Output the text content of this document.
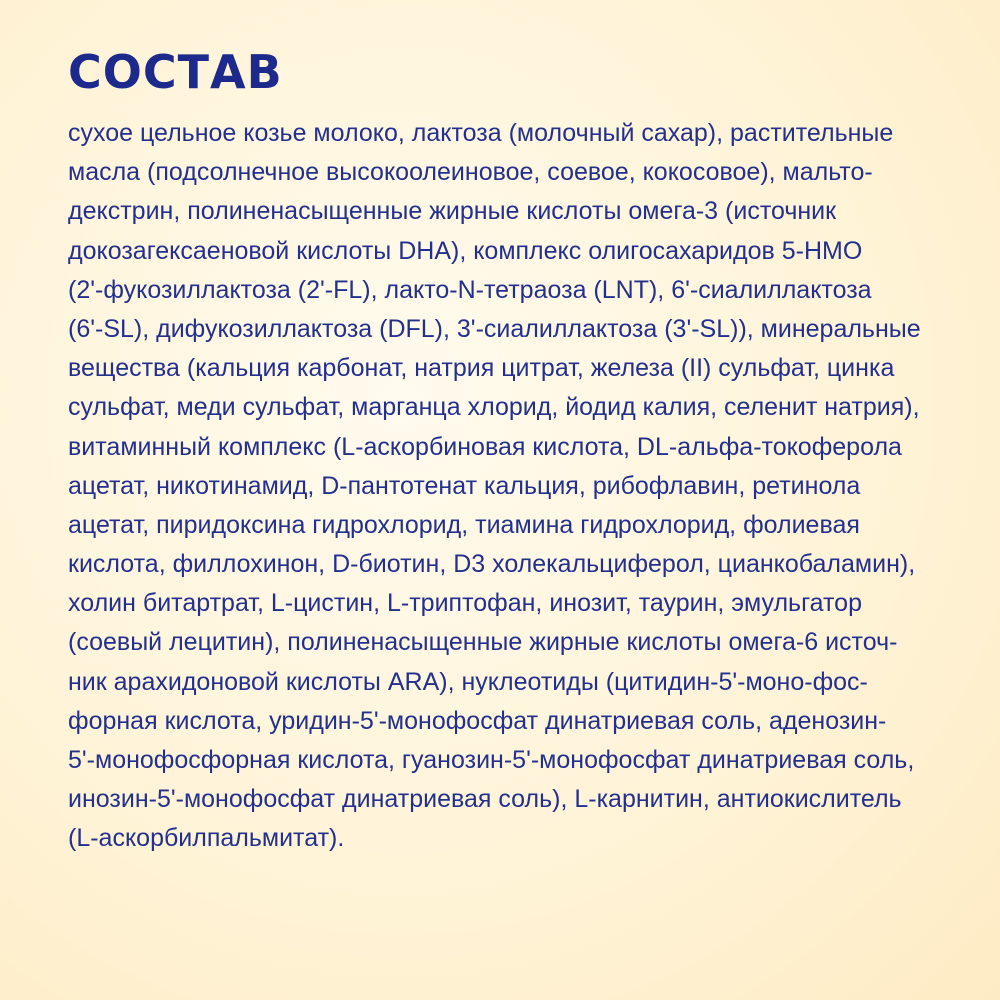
СОСТАВ
сухое цельное козье молоко, лактоза (молочный сахар), растительные
масла (подсолнечное высокоолеиновое, соевое, кокосовое), мальто-
декстрин, полиненасыщенные жирные кислоты омега-3 (источник
докозагексаеновой кислоты DHA), комплекс олигосахаридов 5-HMO
(2'-фукозиллактоза (2'-FL), лакто-N-тетраоза (LNT), 6'-сиалиллактоза
(6'-SL), дифукозиллактоза (DFL), 3'-сиалиллактоза (3'-SL)), минеральные
вещества (кальция карбонат, натрия цитрат, железа (II) сульфат, цинка
сульфат, меди сульфат, марганца хлорид, йодид калия, селенит натрия),
витаминный комплекс (L-аскорбиновая кислота, DL-альфа-токоферола
ацетат, никотинамид, D-пантотенат кальция, рибофлавин, ретинола
ацетат, пиридоксина гидрохлорид, тиамина гидрохлорид, фолиевая
кислота, филлохинон, D-биотин, D3 холекальциферол, цианкобаламин),
холин битартрат, L-цистин, L-триптофан, инозит, таурин, эмульгатор
(соевый лецитин), полиненасыщенные жирные кислоты омега-6 источ-
ник арахидоновой кислоты ARA), нуклеотиды (цитидин-5'-моно-фос-
форная кислота, уридин-5'-монофосфат динатриевая соль, аденозин-
5'-монофосфорная кислота, гуанозин-5'-монофосфат динатриевая соль,
инозин-5'-монофосфат динатриевая соль), L-карнитин, антиокислитель
(L-аскорбилпальмитат).
